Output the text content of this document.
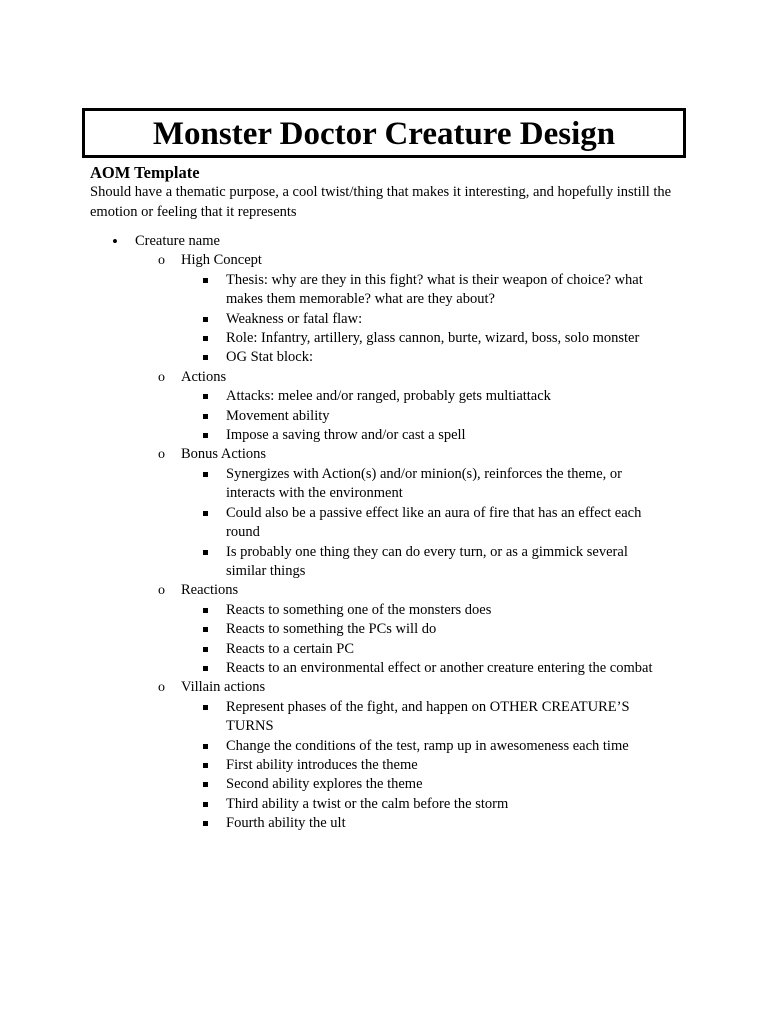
Monster Doctor Creature Design
AOM Template
Should have a thematic purpose, a cool twist/thing that makes it interesting, and hopefully instill the emotion or feeling that it represents
• Creature name
o High Concept
Thesis: why are they in this fight? what is their weapon of choice? what makes them memorable? what are they about?
Weakness or fatal flaw:
Role: Infantry, artillery, glass cannon, burte, wizard, boss, solo monster
OG Stat block:
o Actions
Attacks: melee and/or ranged, probably gets multiattack
Movement ability
Impose a saving throw and/or cast a spell
o Bonus Actions
Synergizes with Action(s) and/or minion(s), reinforces the theme, or interacts with the environment
Could also be a passive effect like an aura of fire that has an effect each round
Is probably one thing they can do every turn, or as a gimmick several similar things
o Reactions
Reacts to something one of the monsters does
Reacts to something the PCs will do
Reacts to a certain PC
Reacts to an environmental effect or another creature entering the combat
o Villain actions
Represent phases of the fight, and happen on OTHER CREATURE’S TURNS
Change the conditions of the test, ramp up in awesomeness each time
First ability introduces the theme
Second ability explores the theme
Third ability a twist or the calm before the storm
Fourth ability the ult
